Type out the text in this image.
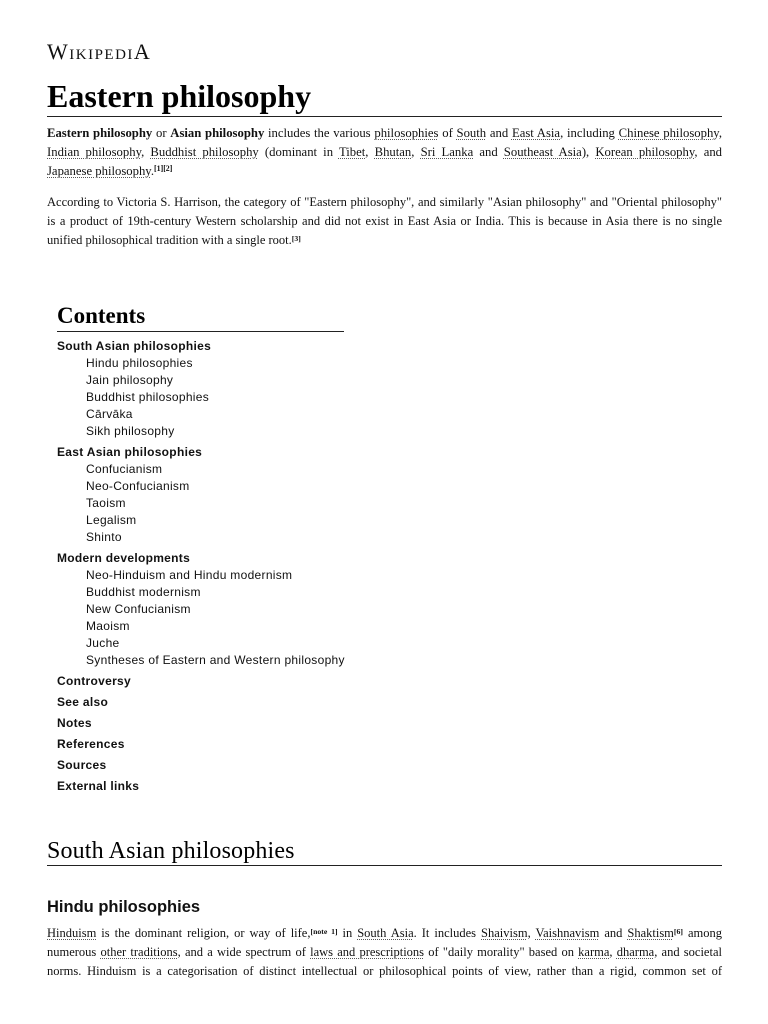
WikipediA
Eastern philosophy

Eastern philosophy or Asian philosophy includes the various philosophies of South and East Asia, including Chinese philosophy, Indian philosophy, Buddhist philosophy (dominant in Tibet, Bhutan, Sri Lanka and Southeast Asia), Korean philosophy, and Japanese philosophy.[1][2]

According to Victoria S. Harrison, the category of "Eastern philosophy", and similarly "Asian philosophy" and "Oriental philosophy" is a product of 19th-century Western scholarship and did not exist in East Asia or India. This is because in Asia there is no single unified philosophical tradition with a single root.[3]

Contents
South Asian philosophies
Hindu philosophies
Jain philosophy
Buddhist philosophies
Cārvāka
Sikh philosophy
East Asian philosophies
Confucianism
Neo-Confucianism
Taoism
Legalism
Shinto
Modern developments
Neo-Hinduism and Hindu modernism
Buddhist modernism
New Confucianism
Maoism
Juche
Syntheses of Eastern and Western philosophy
Controversy
See also
Notes
References
Sources
External links
South Asian philosophies
Hindu philosophies

Hinduism is the dominant religion, or way of life,[note 1] in South Asia. It includes Shaivism, Vaishnavism and Shaktism[6] among numerous other traditions, and a wide spectrum of laws and prescriptions of "daily morality" based on karma, dharma, and societal norms. Hinduism is a categorisation of distinct intellectual or philosophical points of view, rather than a rigid, common set of
